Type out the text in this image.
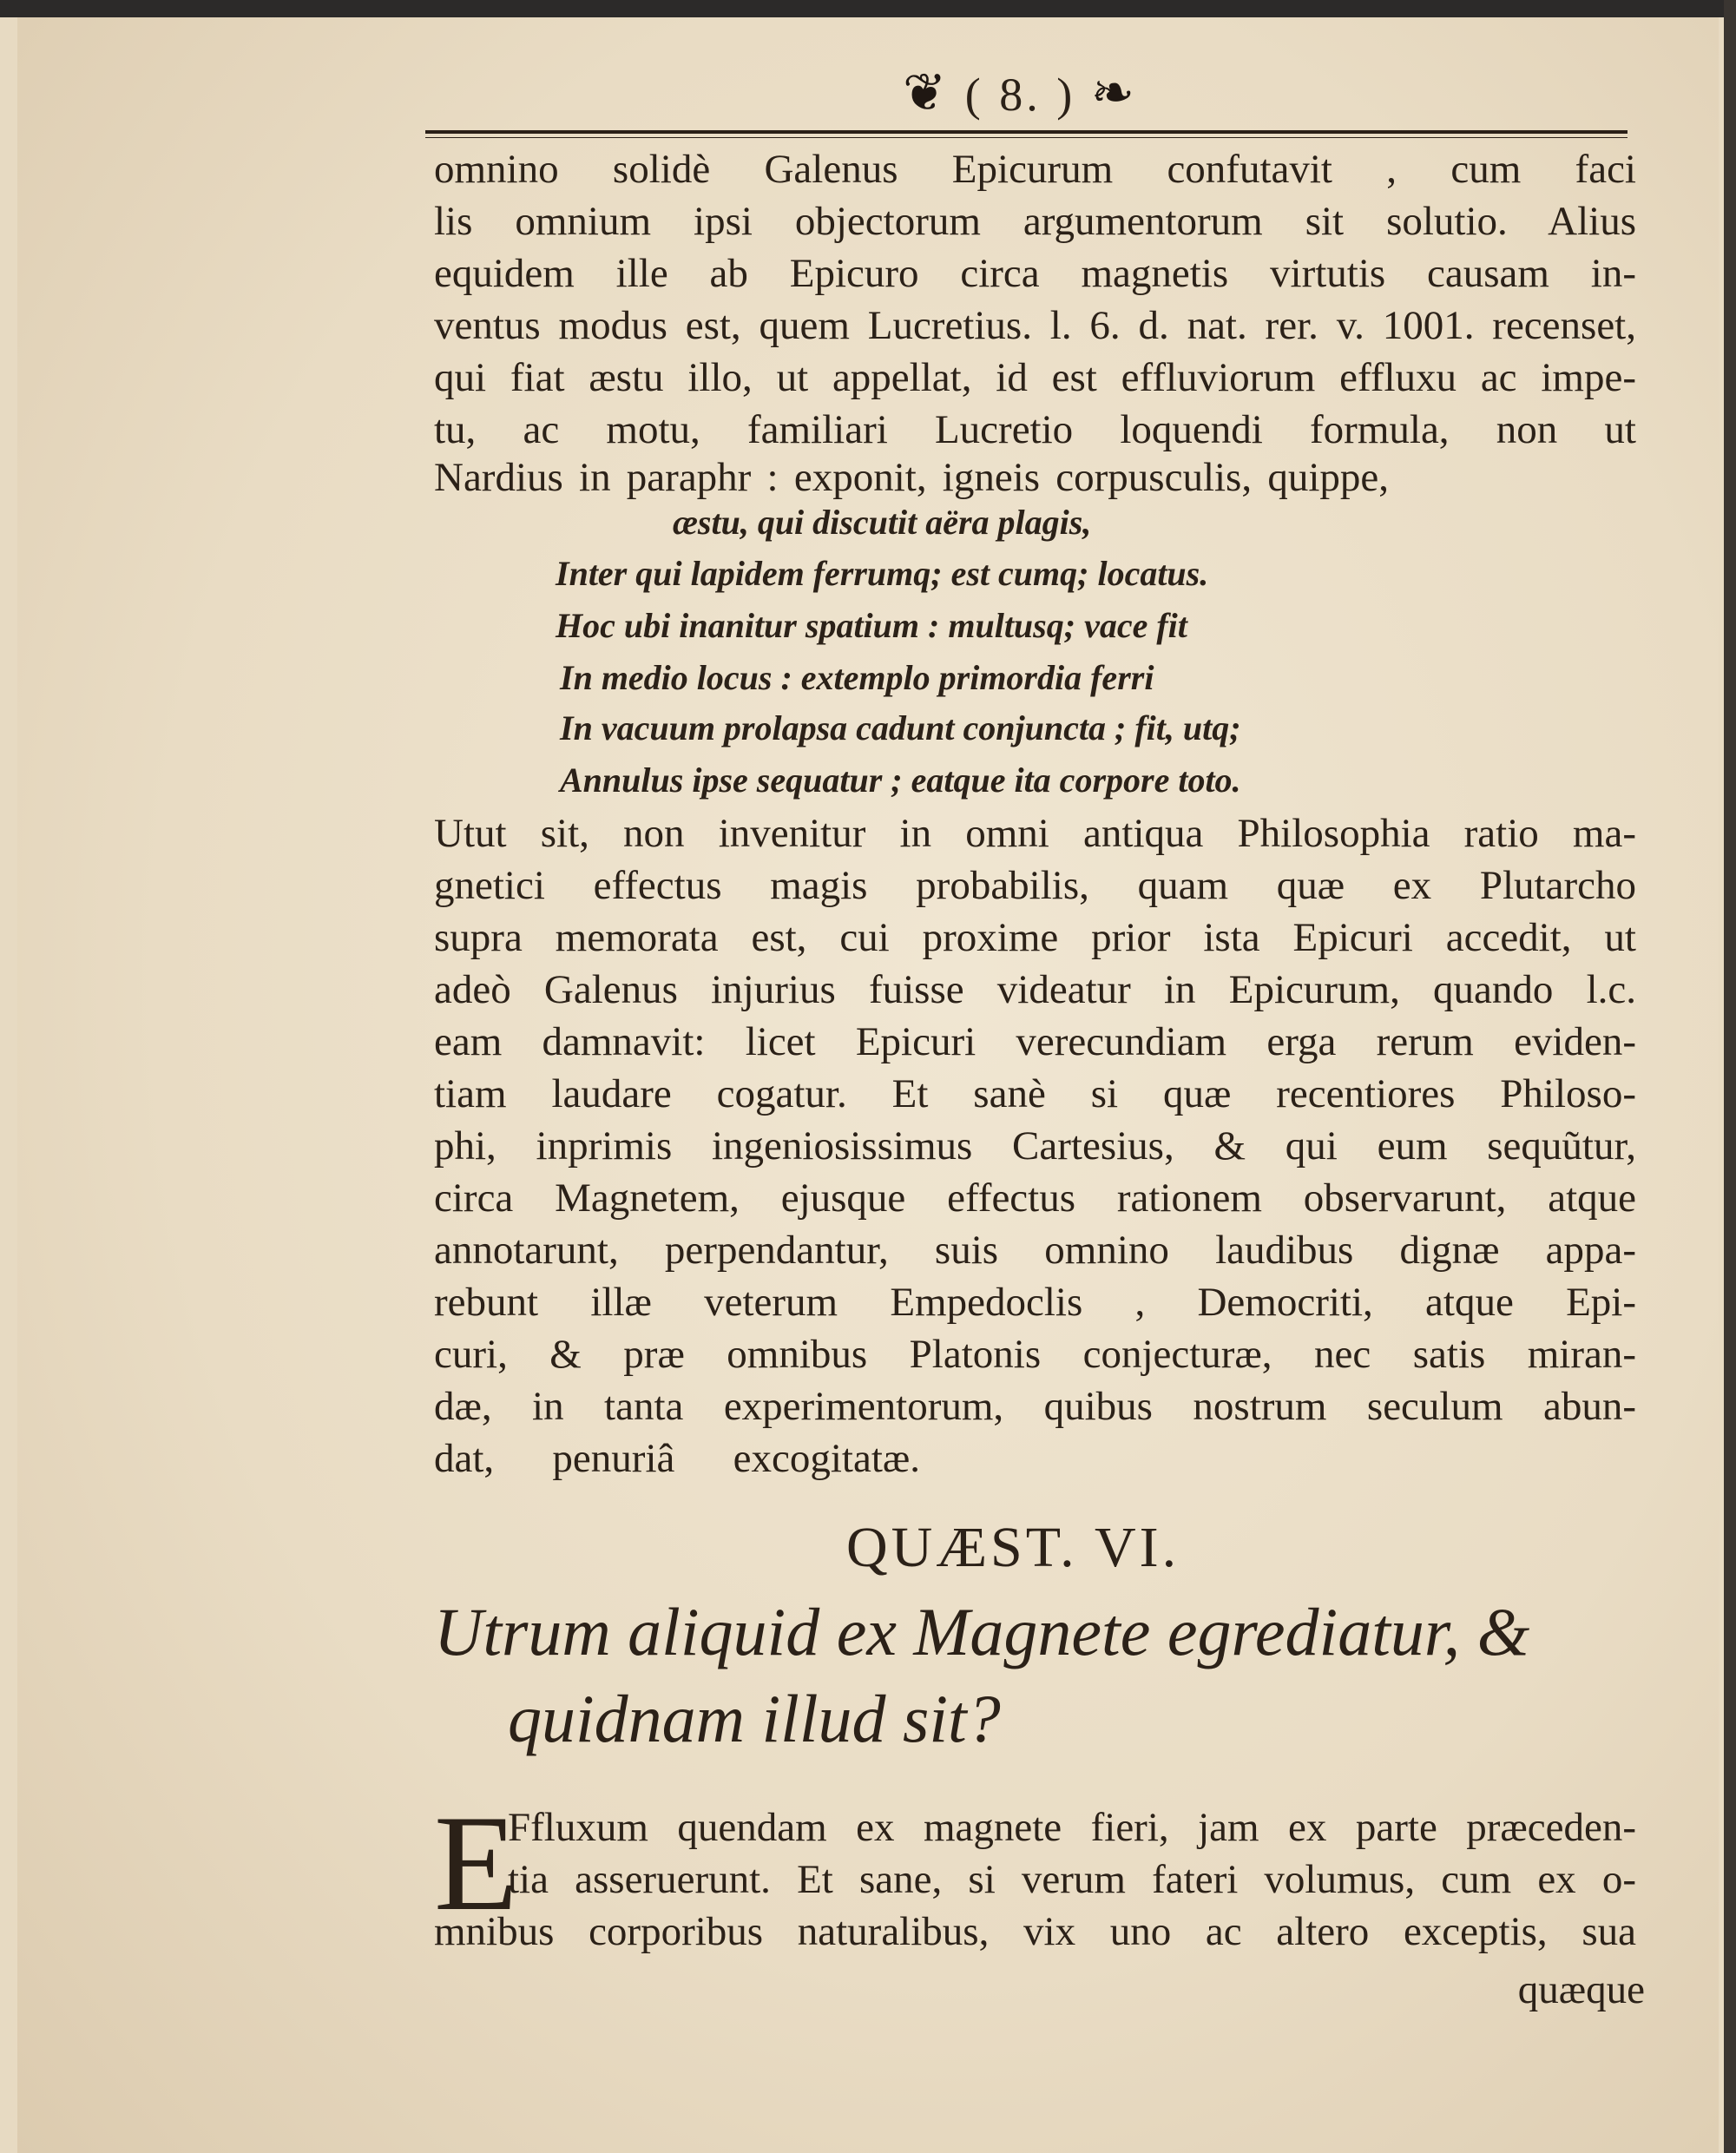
❦ ( 8. ) ❧
omnino solidè Galenus Epicurum confutavit , cum faci
lis omnium ipsi objectorum argumentorum sit solutio. Alius
equidem ille ab Epicuro circa magnetis virtutis causam in-
ventus modus est, quem Lucretius. l. 6. d. nat. rer. v. 1001. recenset,
qui fiat æstu illo, ut appellat, id est effluviorum effluxu ac impe-
tu, ac motu, familiari Lucretio loquendi formula, non ut
Nardius in paraphr : exponit, igneis corpusculis, quippe,
æstu, qui discutit aëra plagis,
Inter qui lapidem ferrumq; est cumq; locatus.
Hoc ubi inanitur spatium : multusq; vace fit
In medio locus : extemplo primordia ferri
In vacuum prolapsa cadunt conjuncta ; fit, utq;
Annulus ipse sequatur ; eatque ita corpore toto.
Utut sit, non invenitur in omni antiqua Philosophia ratio ma-
gnetici effectus magis probabilis, quam quæ ex Plutarcho
supra memorata est, cui proxime prior ista Epicuri accedit, ut
adeò Galenus injurius fuisse videatur in Epicurum, quando l.c.
eam damnavit: licet Epicuri verecundiam erga rerum eviden-
tiam laudare cogatur. Et sanè si quæ recentiores Philoso-
phi, inprimis ingeniosissimus Cartesius, & qui eum sequũtur,
circa Magnetem, ejusque effectus rationem observarunt, atque
annotarunt, perpendantur, suis omnino laudibus dignæ appa-
rebunt illæ veterum Empedoclis , Democriti, atque Epi-
curi, & præ omnibus Platonis conjecturæ, nec satis miran-
dæ, in tanta experimentorum, quibus nostrum seculum abun-
dat, penuriâ excogitatæ.
QUÆST. VI.
Utrum aliquid ex Magnete egrediatur, &
quidnam illud sit?
E
Ffluxum quendam ex magnete fieri, jam ex parte præceden-
tia asseruerunt. Et sane, si verum fateri volumus, cum ex o-
mnibus corporibus naturalibus, vix uno ac altero exceptis, sua
quæque
